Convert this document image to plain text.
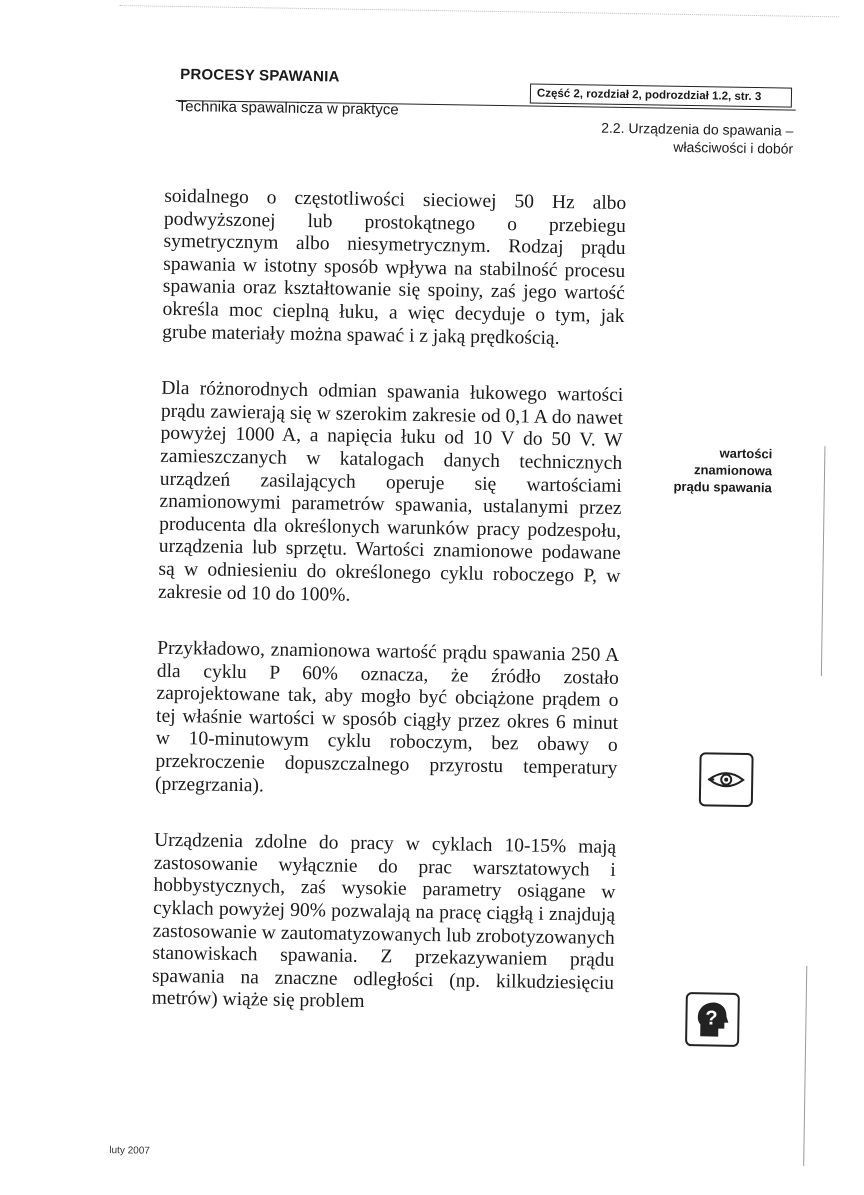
PROCESY SPAWANIA
Część 2, rozdział 2, podrozdział 1.2, str. 3
Technika spawalnicza w praktyce
2.2. Urządzenia do spawania –
właściwości i dobór

soidalnego o częstotliwości sieciowej 50 Hz albo podwyższonej lub prostokątnego o przebiegu symetrycznym albo niesymetrycznym. Rodzaj prądu spawania w istotny sposób wpływa na stabilność procesu spawania oraz kształtowanie się spoiny, zaś jego wartość określa moc cieplną łuku, a więc decyduje o tym, jak grube materiały można spawać i z jaką prędkością.

Dla różnorodnych odmian spawania łukowego wartości prądu zawierają się w szerokim zakresie od 0,1 A do nawet powyżej 1000 A, a napięcia łuku od 10 V do 50 V. W zamieszczanych w katalogach danych technicznych urządzeń zasilających operuje się wartościami znamionowymi parametrów spawania, ustalanymi przez producenta dla określonych warunków pracy podzespołu, urządzenia lub sprzętu. Wartości znamionowe podawane są w odniesieniu do określonego cyklu roboczego P, w zakresie od 10 do 100%.

Przykładowo, znamionowa wartość prądu spawania 250 A dla cyklu P 60% oznacza, że źródło zostało zaprojektowane tak, aby mogło być obciążone prądem o tej właśnie wartości w sposób ciągły przez okres 6 minut w 10-minutowym cyklu roboczym, bez obawy o przekroczenie dopuszczalnego przyrostu temperatury (przegrzania).

Urządzenia zdolne do pracy w cyklach 10-15% mają zastosowanie wyłącznie do prac warsztatowych i hobbystycznych, zaś wysokie parametry osiągane w cyklach powyżej 90% pozwalają na pracę ciągłą i znajdują zastosowanie w zautomatyzowanych lub zrobotyzowanych stanowiskach spawania. Z przekazywaniem prądu spawania na znaczne odległości (np. kilkudziesięciu metrów) wiąże się problem

wartości
znamionowa
prądu spawania
?
luty 2007
